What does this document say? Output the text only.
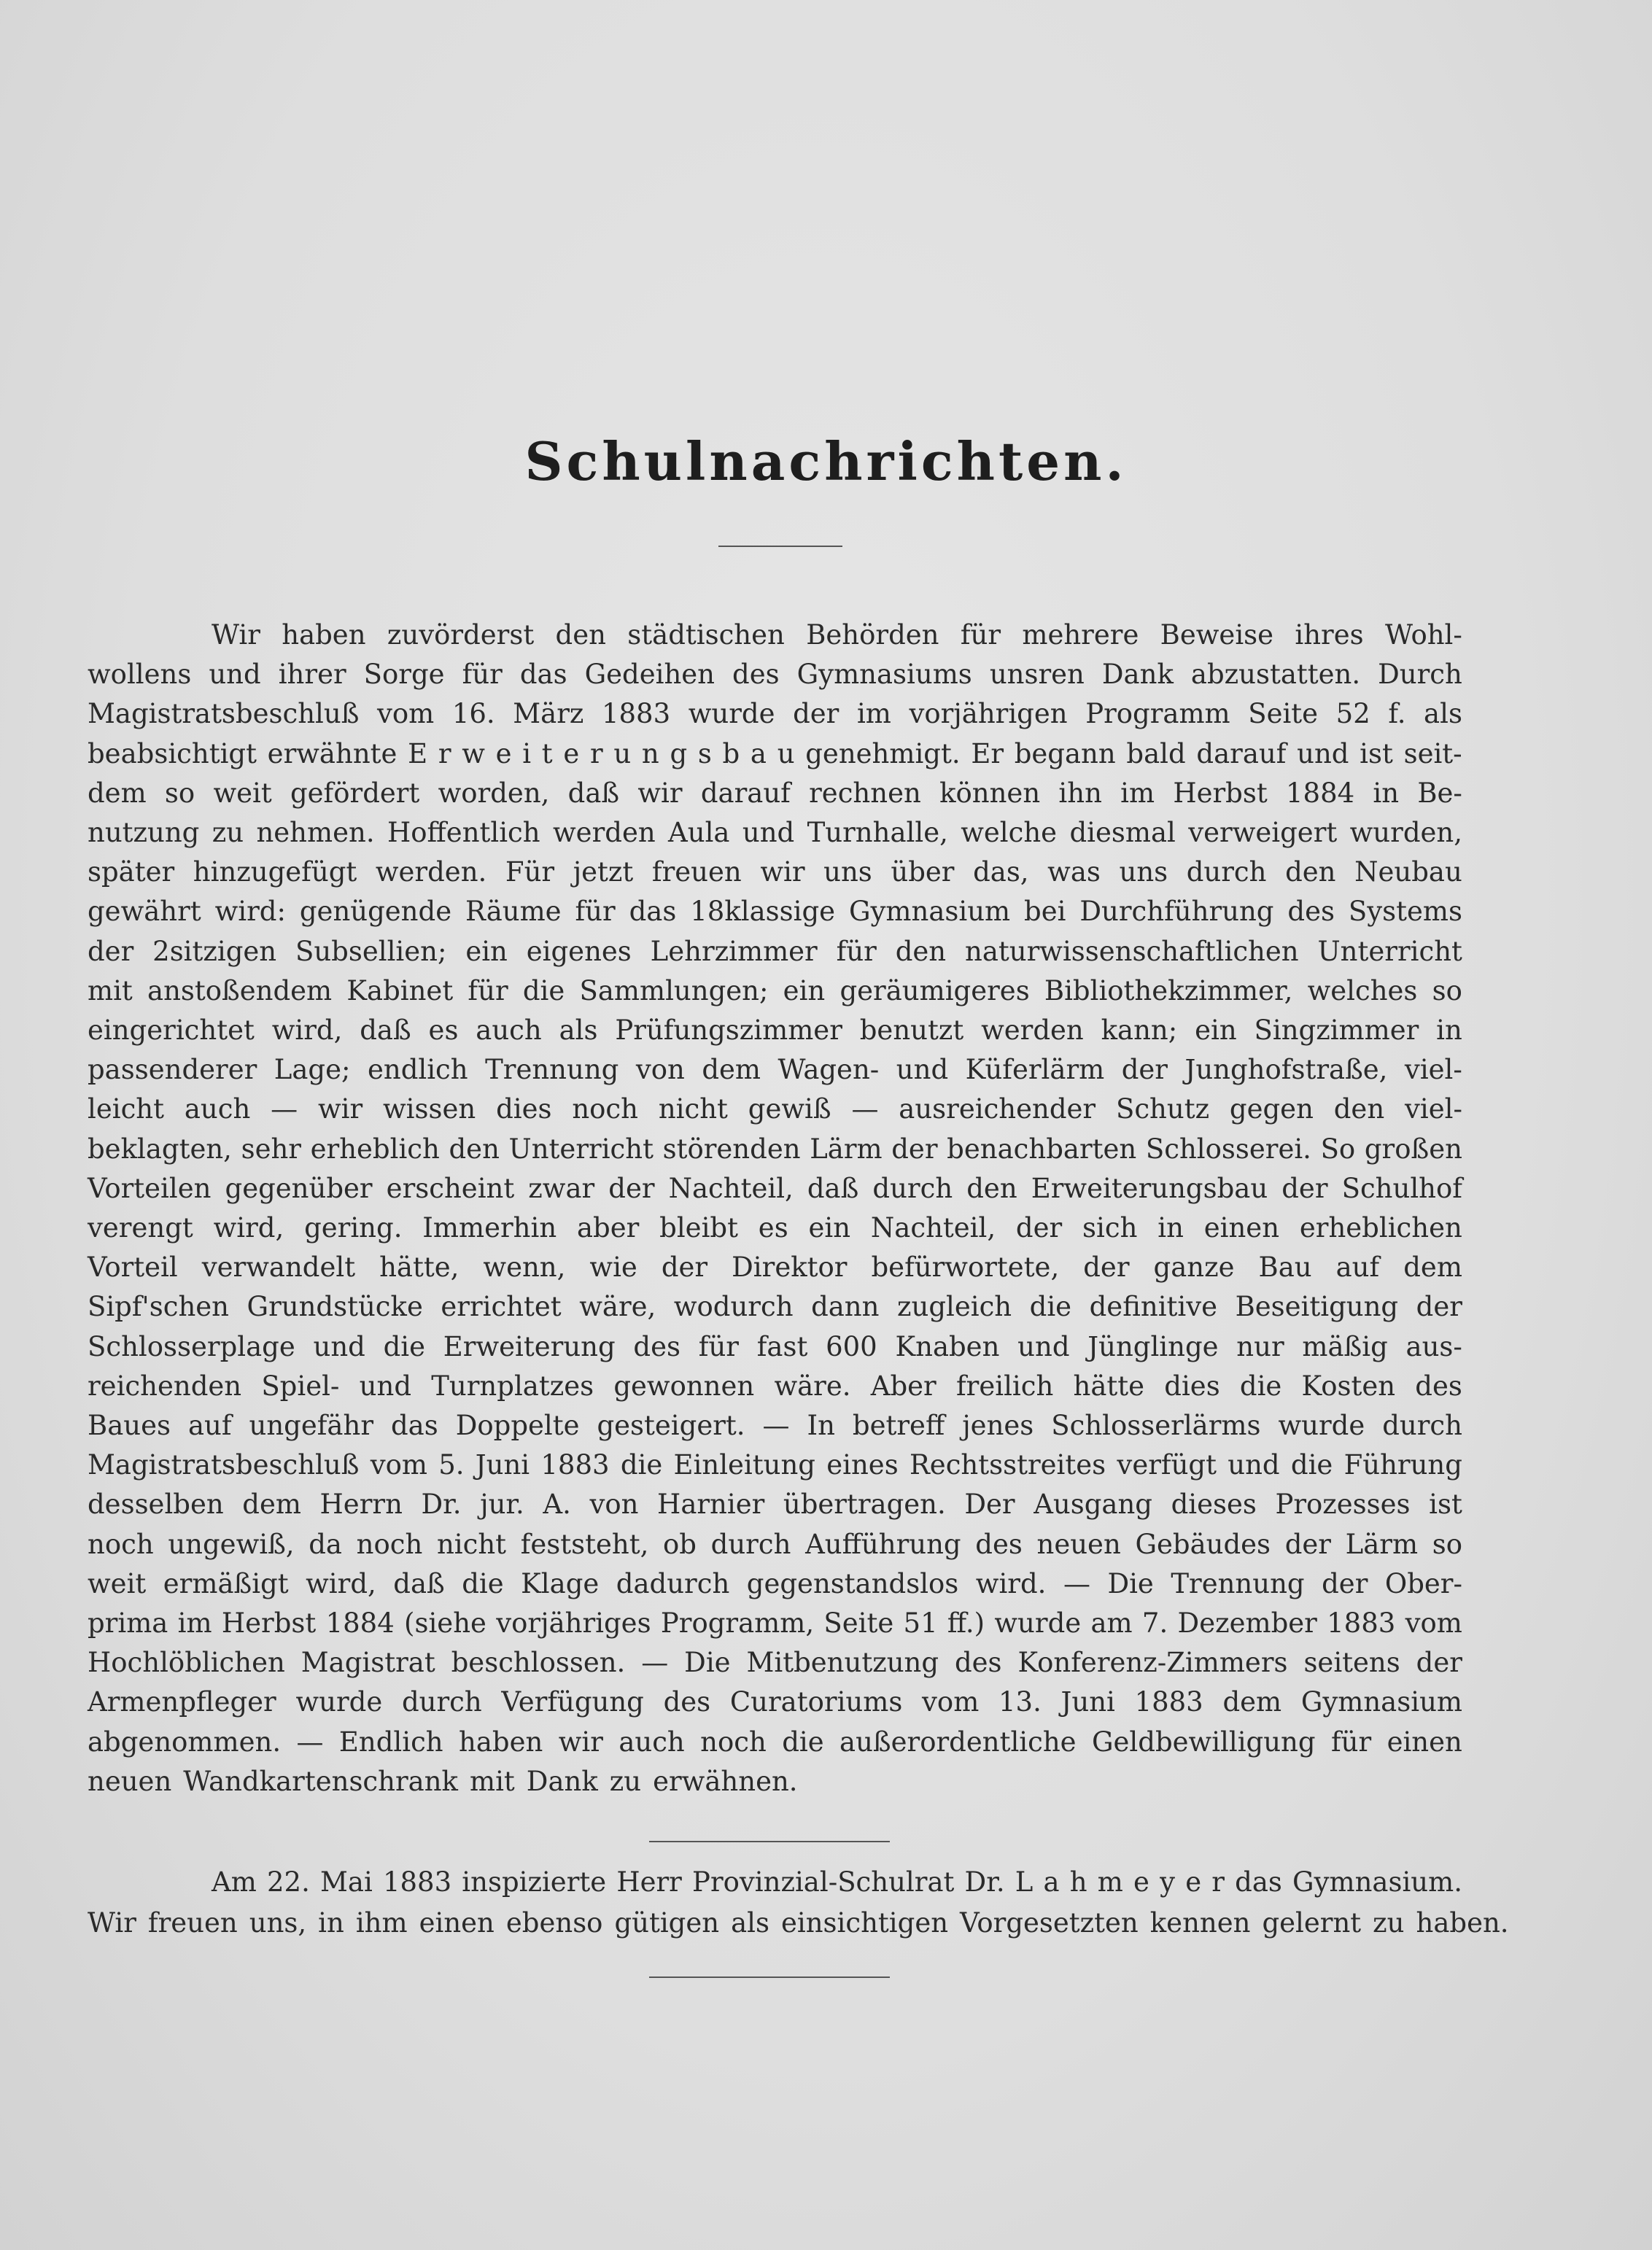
Schulnachrichten.
Wir haben zuvörderst den städtischen Behörden für mehrere Beweise ihres Wohl-
wollens und ihrer Sorge für das Gedeihen des Gymnasiums unsren Dank abzustatten. Durch
Magistratsbeschluß vom 16. März 1883 wurde der im vorjährigen Programm Seite 52 f. als
beabsichtigt erwähnte E r w e i t e r u n g s b a u genehmigt. Er begann bald darauf und ist seit-
dem so weit gefördert worden, daß wir darauf rechnen können ihn im Herbst 1884 in Be-
nutzung zu nehmen. Hoffentlich werden Aula und Turnhalle, welche diesmal verweigert wurden,
später hinzugefügt werden. Für jetzt freuen wir uns über das, was uns durch den Neubau
gewährt wird: genügende Räume für das 18klassige Gymnasium bei Durchführung des Systems
der 2sitzigen Subsellien; ein eigenes Lehrzimmer für den naturwissenschaftlichen Unterricht
mit anstoßendem Kabinet für die Sammlungen; ein geräumigeres Bibliothekzimmer, welches so
eingerichtet wird, daß es auch als Prüfungszimmer benutzt werden kann; ein Singzimmer in
passenderer Lage; endlich Trennung von dem Wagen- und Küferlärm der Junghofstraße, viel-
leicht auch — wir wissen dies noch nicht gewiß — ausreichender Schutz gegen den viel-
beklagten, sehr erheblich den Unterricht störenden Lärm der benachbarten Schlosserei. So großen
Vorteilen gegenüber erscheint zwar der Nachteil, daß durch den Erweiterungsbau der Schulhof
verengt wird, gering. Immerhin aber bleibt es ein Nachteil, der sich in einen erheblichen
Vorteil verwandelt hätte, wenn, wie der Direktor befürwortete, der ganze Bau auf dem
Sipf'schen Grundstücke errichtet wäre, wodurch dann zugleich die definitive Beseitigung der
Schlosserplage und die Erweiterung des für fast 600 Knaben und Jünglinge nur mäßig aus-
reichenden Spiel- und Turnplatzes gewonnen wäre. Aber freilich hätte dies die Kosten des
Baues auf ungefähr das Doppelte gesteigert. — In betreff jenes Schlosserlärms wurde durch
Magistratsbeschluß vom 5. Juni 1883 die Einleitung eines Rechtsstreites verfügt und die Führung
desselben dem Herrn Dr. jur. A. von Harnier übertragen. Der Ausgang dieses Prozesses ist
noch ungewiß, da noch nicht feststeht, ob durch Aufführung des neuen Gebäudes der Lärm so
weit ermäßigt wird, daß die Klage dadurch gegenstandslos wird. — Die Trennung der Ober-
prima im Herbst 1884 (siehe vorjähriges Programm, Seite 51 ff.) wurde am 7. Dezember 1883 vom
Hochlöblichen Magistrat beschlossen. — Die Mitbenutzung des Konferenz-Zimmers seitens der
Armenpfleger wurde durch Verfügung des Curatoriums vom 13. Juni 1883 dem Gymnasium
abgenommen. — Endlich haben wir auch noch die außerordentliche Geldbewilligung für einen
neuen Wandkartenschrank mit Dank zu erwähnen.
Am 22. Mai 1883 inspizierte Herr Provinzial-Schulrat Dr. L a h m e y e r das Gymnasium.
Wir freuen uns, in ihm einen ebenso gütigen als einsichtigen Vorgesetzten kennen gelernt zu haben.
